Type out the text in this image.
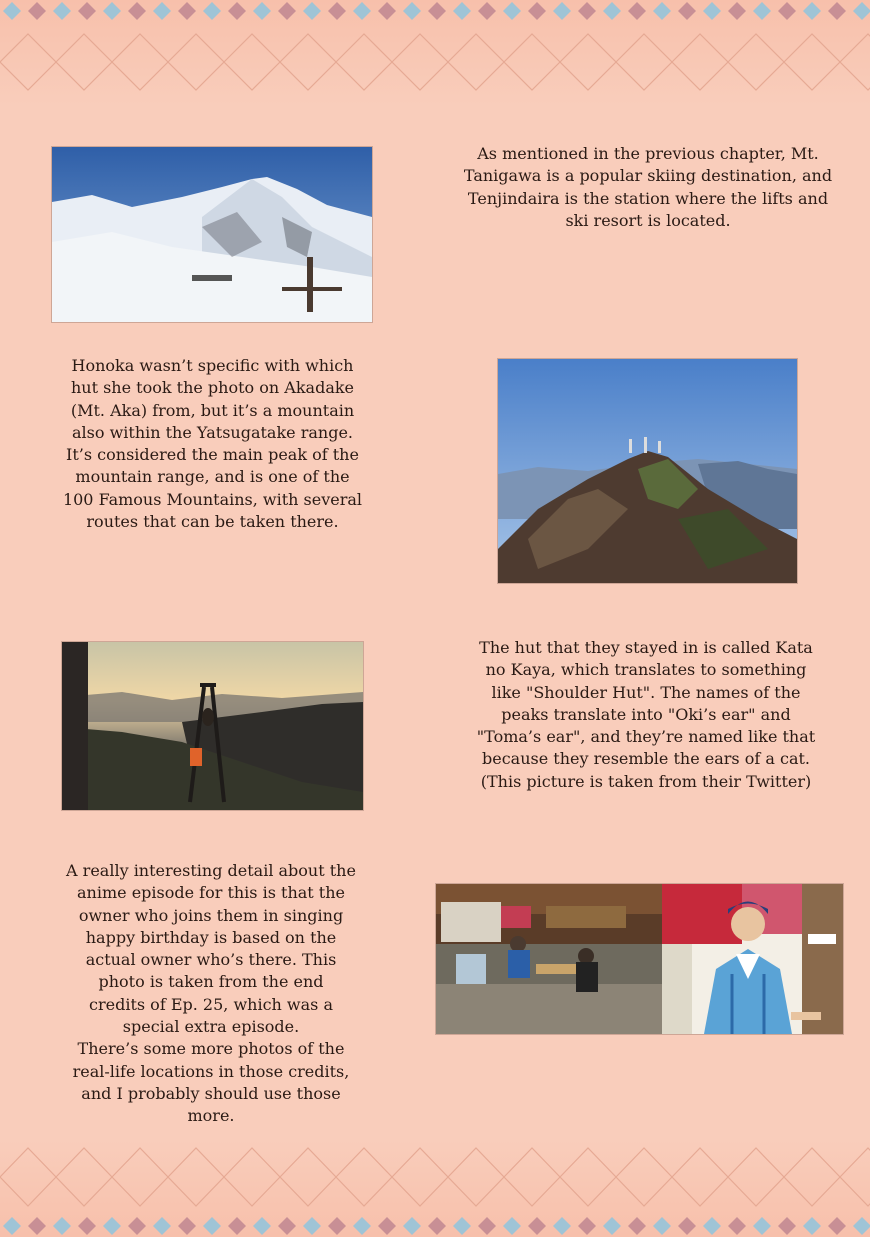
As mentioned in the previous chapter, Mt.
Tanigawa is a popular skiing destination, and
Tenjindaira is the station where the lifts and
ski resort is located.

Honoka wasn’t specific with which
hut she took the photo on Akadake
(Mt. Aka) from, but it’s a mountain
also within the Yatsugatake range.
It’s considered the main peak of the
mountain range, and is one of the
100 Famous Mountains, with several
routes that can be taken there.

The hut that they stayed in is called Kata
no Kaya, which translates to something
like "Shoulder Hut". The names of the
peaks translate into "Oki’s ear" and
"Toma’s ear", and they’re named like that
because they resemble the ears of a cat.
(This picture is taken from their Twitter)

A really interesting detail about the
anime episode for this is that the
owner who joins them in singing
happy birthday is based on the
actual owner who’s there. This
photo is taken from the end
credits of Ep. 25, which was a
special extra episode.
There’s some more photos of the
real-life locations in those credits,
and I probably should use those
more.
